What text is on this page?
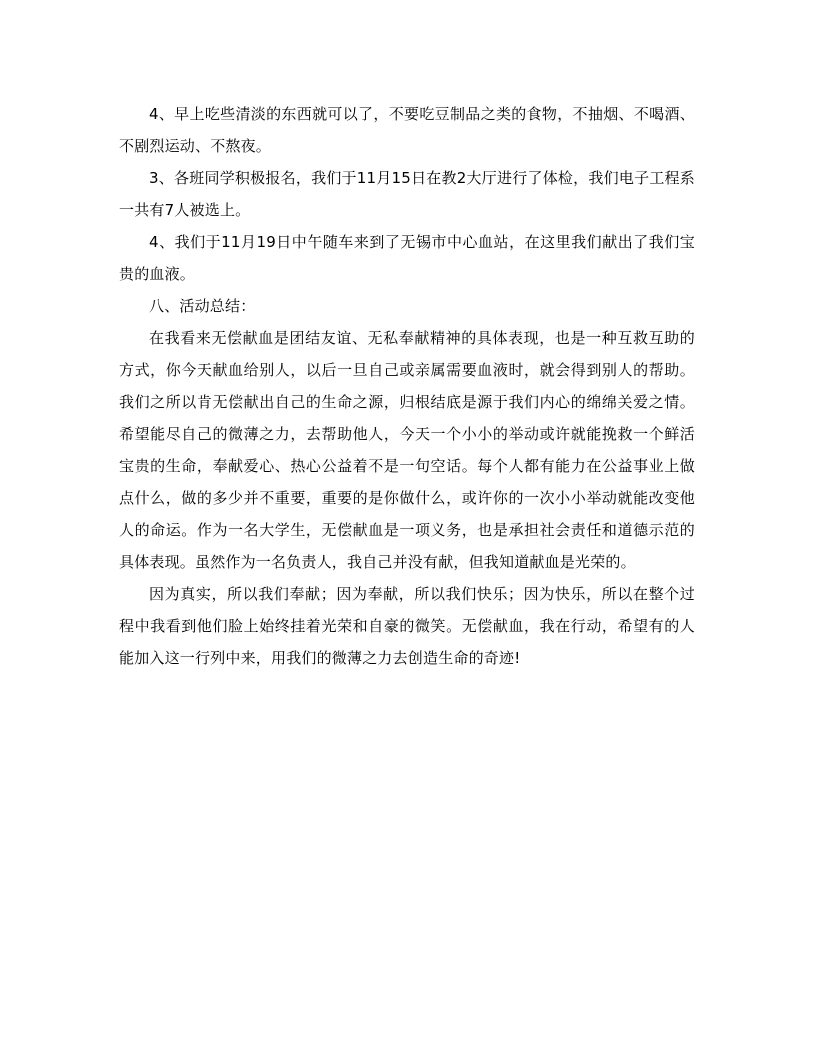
4、早上吃些清淡的东西就可以了，不要吃豆制品之类的食物，不抽烟、不喝酒、不剧烈运动、不熬夜。

3、各班同学积极报名，我们于11月15日在教2大厅进行了体检，我们电子工程系一共有7人被选上。

4、我们于11月19日中午随车来到了无锡市中心血站，在这里我们献出了我们宝贵的血液。

八、活动总结：

在我看来无偿献血是团结友谊、无私奉献精神的具体表现，也是一种互救互助的方式，你今天献血给别人，以后一旦自己或亲属需要血液时，就会得到别人的帮助。我们之所以肯无偿献出自己的生命之源，归根结底是源于我们内心的绵绵关爱之情。希望能尽自己的微薄之力，去帮助他人，今天一个小小的举动或许就能挽救一个鲜活宝贵的生命，奉献爱心、热心公益着不是一句空话。每个人都有能力在公益事业上做点什么，做的多少并不重要，重要的是你做什么，或许你的一次小小举动就能改变他人的命运。作为一名大学生，无偿献血是一项义务，也是承担社会责任和道德示范的具体表现。虽然作为一名负责人，我自己并没有献，但我知道献血是光荣的。

因为真实，所以我们奉献；因为奉献，所以我们快乐；因为快乐，所以在整个过程中我看到他们脸上始终挂着光荣和自豪的微笑。无偿献血，我在行动，希望有的人能加入这一行列中来，用我们的微薄之力去创造生命的奇迹!
